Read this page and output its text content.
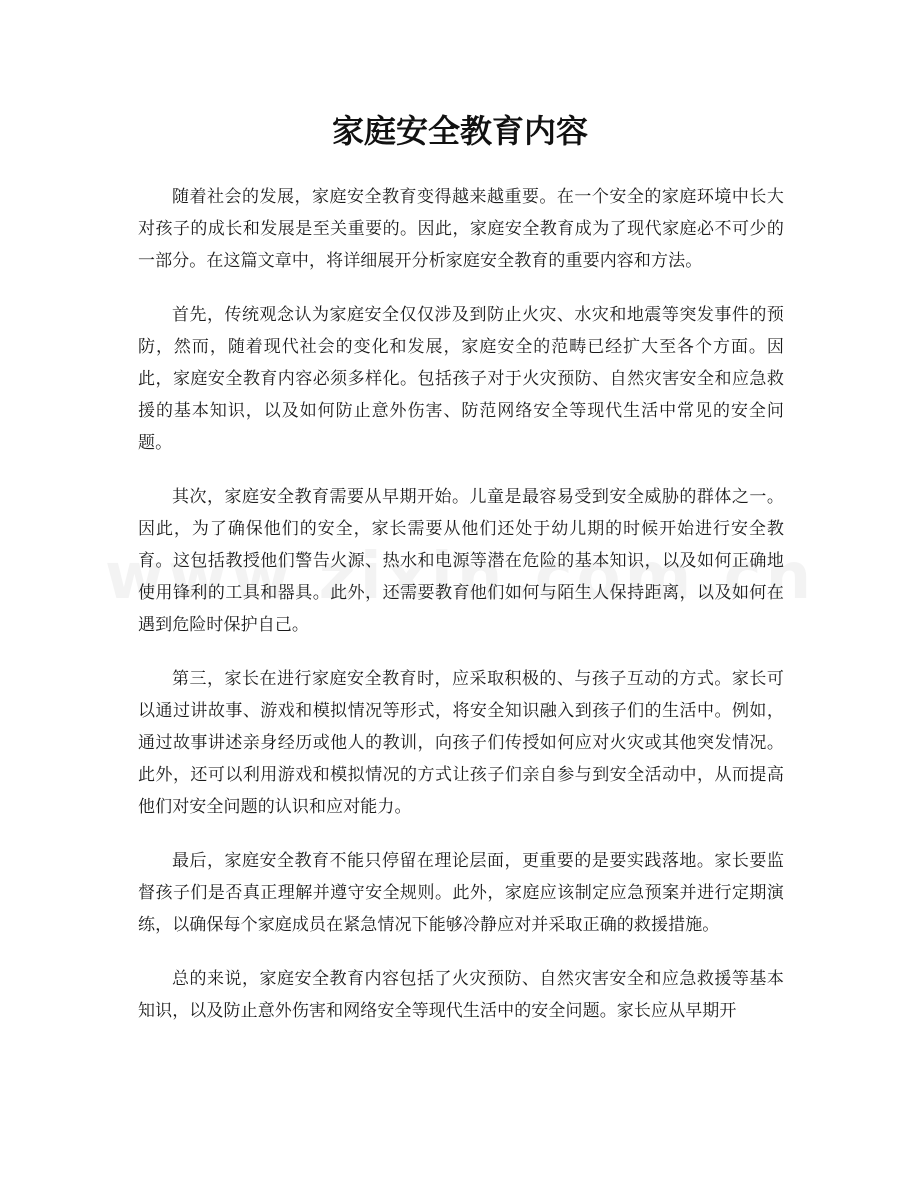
家庭安全教育内容

随着社会的发展，家庭安全教育变得越来越重要。在一个安全的家庭环境中长大对孩子的成长和发展是至关重要的。因此，家庭安全教育成为了现代家庭必不可少的一部分。在这篇文章中，将详细展开分析家庭安全教育的重要内容和方法。

首先，传统观念认为家庭安全仅仅涉及到防止火灾、水灾和地震等突发事件的预防，然而，随着现代社会的变化和发展，家庭安全的范畴已经扩大至各个方面。因此，家庭安全教育内容必须多样化。包括孩子对于火灾预防、自然灾害安全和应急救援的基本知识，以及如何防止意外伤害、防范网络安全等现代生活中常见的安全问题。

其次，家庭安全教育需要从早期开始。儿童是最容易受到安全威胁的群体之一。因此，为了确保他们的安全，家长需要从他们还处于幼儿期的时候开始进行安全教育。这包括教授他们警告火源、热水和电源等潜在危险的基本知识，以及如何正确地使用锋利的工具和器具。此外，还需要教育他们如何与陌生人保持距离，以及如何在遇到危险时保护自己。

第三，家长在进行家庭安全教育时，应采取积极的、与孩子互动的方式。家长可以通过讲故事、游戏和模拟情况等形式，将安全知识融入到孩子们的生活中。例如，通过故事讲述亲身经历或他人的教训，向孩子们传授如何应对火灾或其他突发情况。此外，还可以利用游戏和模拟情况的方式让孩子们亲自参与到安全活动中，从而提高他们对安全问题的认识和应对能力。

最后，家庭安全教育不能只停留在理论层面，更重要的是要实践落地。家长要监督孩子们是否真正理解并遵守安全规则。此外，家庭应该制定应急预案并进行定期演练，以确保每个家庭成员在紧急情况下能够冷静应对并采取正确的救援措施。

总的来说，家庭安全教育内容包括了火灾预防、自然灾害安全和应急救援等基本知识，以及防止意外伤害和网络安全等现代生活中的安全问题。家长应从早期开
